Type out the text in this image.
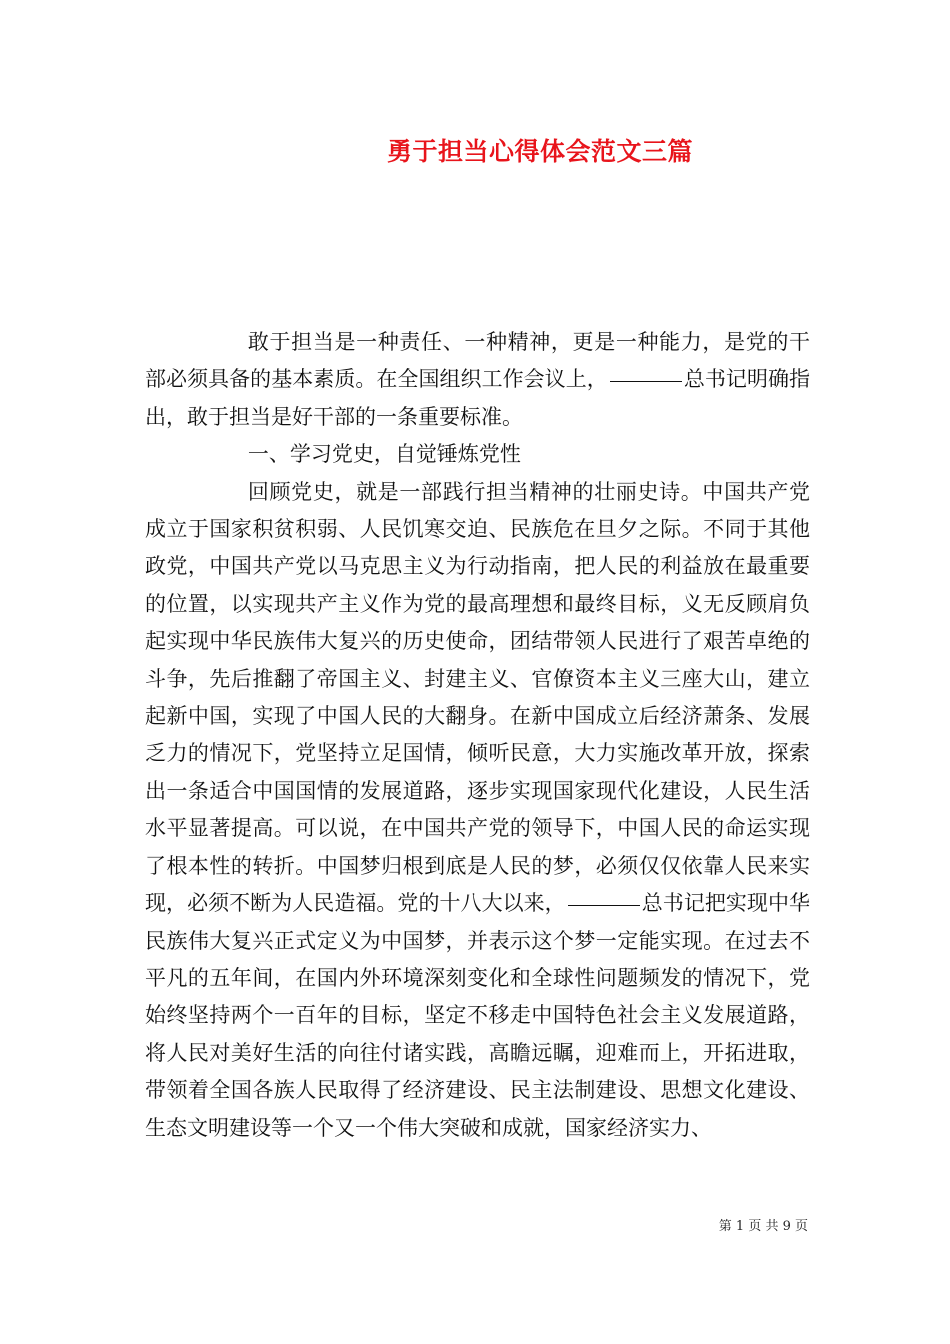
勇于担当心得体会范文三篇

敢于担当是一种责任、一种精神，更是一种能力，是党的干部必须具备的基本素质。在全国组织工作会议上，	总书记明确指出，敢于担当是好干部的一条重要标准。

一、学习党史，自觉锤炼党性

回顾党史，就是一部践行担当精神的壮丽史诗。中国共产党成立于国家积贫积弱、人民饥寒交迫、民族危在旦夕之际。不同于其他政党，中国共产党以马克思主义为行动指南，把人民的利益放在最重要的位置，以实现共产主义作为党的最高理想和最终目标，义无反顾肩负起实现中华民族伟大复兴的历史使命，团结带领人民进行了艰苦卓绝的斗争，先后推翻了帝国主义、封建主义、官僚资本主义三座大山，建立起新中国，实现了中国人民的大翻身。在新中国成立后经济萧条、发展乏力的情况下，党坚持立足国情，倾听民意，大力实施改革开放，探索出一条适合中国国情的发展道路，逐步实现国家现代化建设，人民生活水平显著提高。可以说，在中国共产党的领导下，中国人民的命运实现了根本性的转折。中国梦归根到底是人民的梦，必须仅仅依靠人民来实现，必须不断为人民造福。党的十八大以来，	总书记把实现中华民族伟大复兴正式定义为中国梦，并表示这个梦一定能实现。在过去不平凡的五年间，在国内外环境深刻变化和全球性问题频发的情况下，党始终坚持两个一百年的目标，坚定不移走中国特色社会主义发展道路，将人民对美好生活的向往付诸实践，高瞻远瞩，迎难而上，开拓进取，带领着全国各族人民取得了经济建设、民主法制建设、思想文化建设、生态文明建设等一个又一个伟大突破和成就，国家经济实力、

第 1 页 共 9 页
